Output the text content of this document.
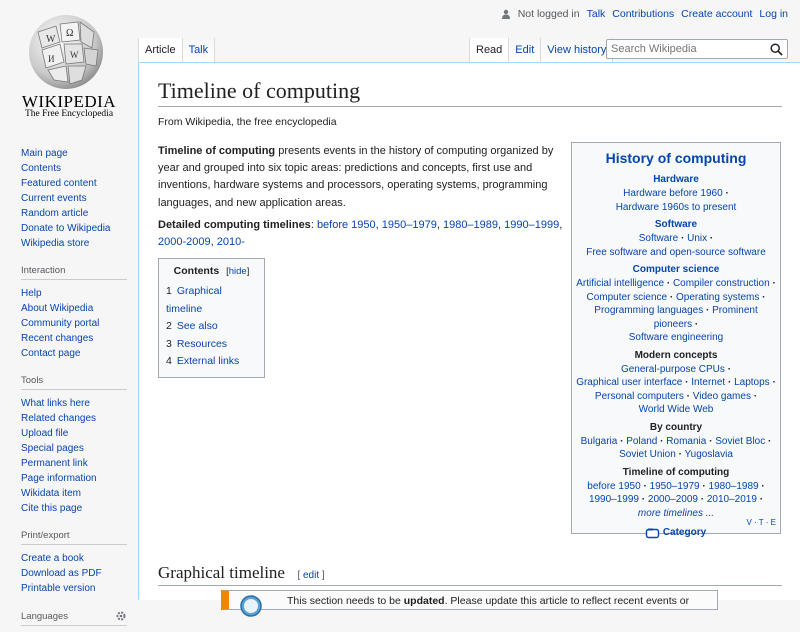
Not logged in Talk Contributions Create account Log in
W
Ω
И W
WIKIPEDIA
The Free Encyclopedia
Main page
Contents
Featured content
Current events
Random article
Donate to Wikipedia
Wikipedia store
Interaction
Help
About Wikipedia
Community portal
Recent changes
Contact page
Tools
What links here
Related changes
Upload file
Special pages
Permanent link
Page information
Wikidata item
Cite this page
Print/export
Create a book
Download as PDF
Printable version
Languages
Article	Talk	Read	Edit	View history
Search Wikipedia
Timeline of computing
From Wikipedia, the free encyclopedia
Timeline of computing presents events in the history of computing organized by year and grouped into six topic areas: predictions and concepts, first use and inventions, hardware systems and processors, operating systems, programming languages, and new application areas.
Detailed computing timelines: before 1950, 1950–1979, 1980–1989, 1990–1999, 2000-2009, 2010-
Contents [hide]
1 Graphical timeline
2 See also
3 Resources
4 External links
History of computing
Hardware
Hardware before 1960 ·
Hardware 1960s to present
Software
Software · Unix ·
Free software and open-source software
Computer science
Artificial intelligence · Compiler construction ·
Computer science · Operating systems ·
Programming languages · Prominent pioneers ·
Software engineering
Modern concepts
General-purpose CPUs ·
Graphical user interface · Internet · Laptops ·
Personal computers · Video games ·
World Wide Web
By country
Bulgaria · Poland · Romania · Soviet Bloc ·
Soviet Union · Yugoslavia
Timeline of computing
before 1950 · 1950–1979 · 1980–1989 ·
1990–1999 · 2000–2009 · 2010–2019 ·
more timelines ...
Category
V · T · E
Graphical timeline [ edit ]
This section needs to be updated. Please update this article to reflect recent events or
